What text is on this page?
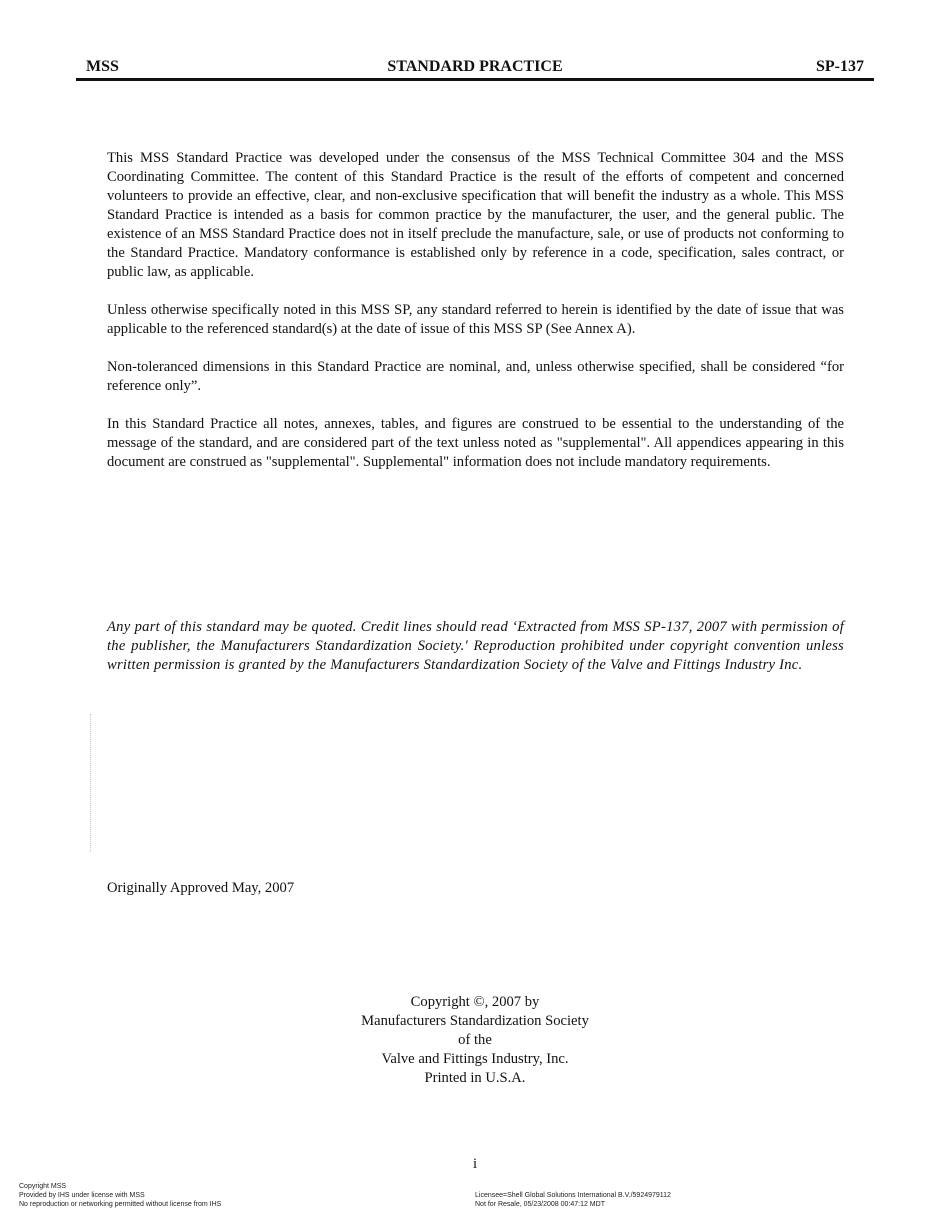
MSS	STANDARD PRACTICE	SP-137

This MSS Standard Practice was developed under the consensus of the MSS Technical Committee 304 and the MSS Coordinating Committee. The content of this Standard Practice is the result of the efforts of competent and concerned volunteers to provide an effective, clear, and non-exclusive specification that will benefit the industry as a whole. This MSS Standard Practice is intended as a basis for common practice by the manufacturer, the user, and the general public. The existence of an MSS Standard Practice does not in itself preclude the manufacture, sale, or use of products not conforming to the Standard Practice. Mandatory conformance is established only by reference in a code, specification, sales contract, or public law, as applicable.

Unless otherwise specifically noted in this MSS SP, any standard referred to herein is identified by the date of issue that was applicable to the referenced standard(s) at the date of issue of this MSS SP (See Annex A).

Non-toleranced dimensions in this Standard Practice are nominal, and, unless otherwise specified, shall be considered “for reference only”.

In this Standard Practice all notes, annexes, tables, and figures are construed to be essential to the understanding of the message of the standard, and are considered part of the text unless noted as "supplemental". All appendices appearing in this document are construed as "supplemental". Supplemental" information does not include mandatory requirements.

Any part of this standard may be quoted. Credit lines should read ‘Extracted from MSS SP-137, 2007 with permission of the publisher, the Manufacturers Standardization Society.' Reproduction prohibited under copyright convention unless written permission is granted by the Manufacturers Standardization Society of the Valve and Fittings Industry Inc.
Originally Approved May, 2007
Copyright ©, 2007 by
Manufacturers Standardization Society
of the
Valve and Fittings Industry, Inc.
Printed in U.S.A.
i
Copyright MSS
Provided by IHS under license with MSS
No reproduction or networking permitted without license from IHS
Licensee=Shell Global Solutions International B.V./5924979112
Not for Resale, 05/23/2008 00:47:12 MDT
